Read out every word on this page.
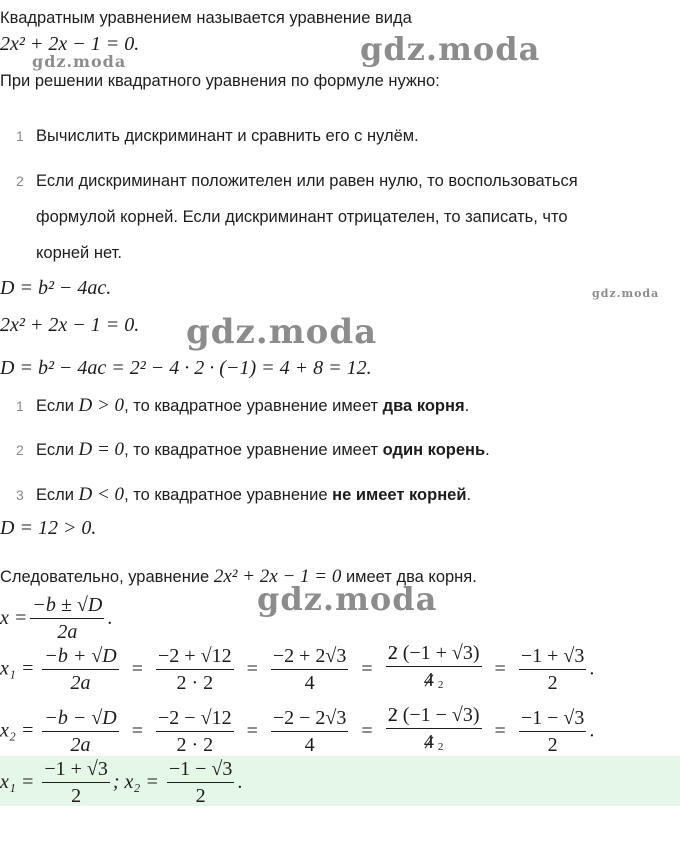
gdz.moda
gdz.moda
gdz.moda
gdz.moda
gdz.moda
Квадратным уравнением называется уравнение вида
2x² + 2x − 1 = 0.
При решении квадратного уравнения по формуле нужно:
1 Вычислить дискриминант и сравнить его с нулём.
2 Если дискриминант положителен или равен нулю, то воспользоваться
формулой корней. Если дискриминант отрицателен, то записать, что
корней нет.
D = b² − 4ac.
2x² + 2x − 1 = 0.
D = b² − 4ac = 2² − 4 · 2 · (−1) = 4 + 8 = 12.
1 Если D > 0, то квадратное уравнение имеет два корня.
2 Если D = 0, то квадратное уравнение имеет один корень.
3 Если D < 0, то квадратное уравнение не имеет корней.
D = 12 > 0.
Следовательно, уравнение 2x² + 2x − 1 = 0 имеет два корня.
$x = \frac{-b \pm √D}{2a}$ .
$x_1 = \frac{-b + √D}{2a} = \frac{-2 + √12}{2 \cdot 2} = \frac{-2 + 2√3}{4} = \frac{2 (-1 + √3)}{4 2} = \frac{-1 + √3}{2}$ .
$x_2 = \frac{-b - √D}{2a} = \frac{-2 - √12}{2 \cdot 2} = \frac{-2 - 2√3}{4} = \frac{2 (-1 - √3)}{4 2} = \frac{-1 - √3}{2}$ .
$x_1 = \frac{-1 + √3}{2}$ ; $x_2 = \frac{-1 - √3}{2}$ .
